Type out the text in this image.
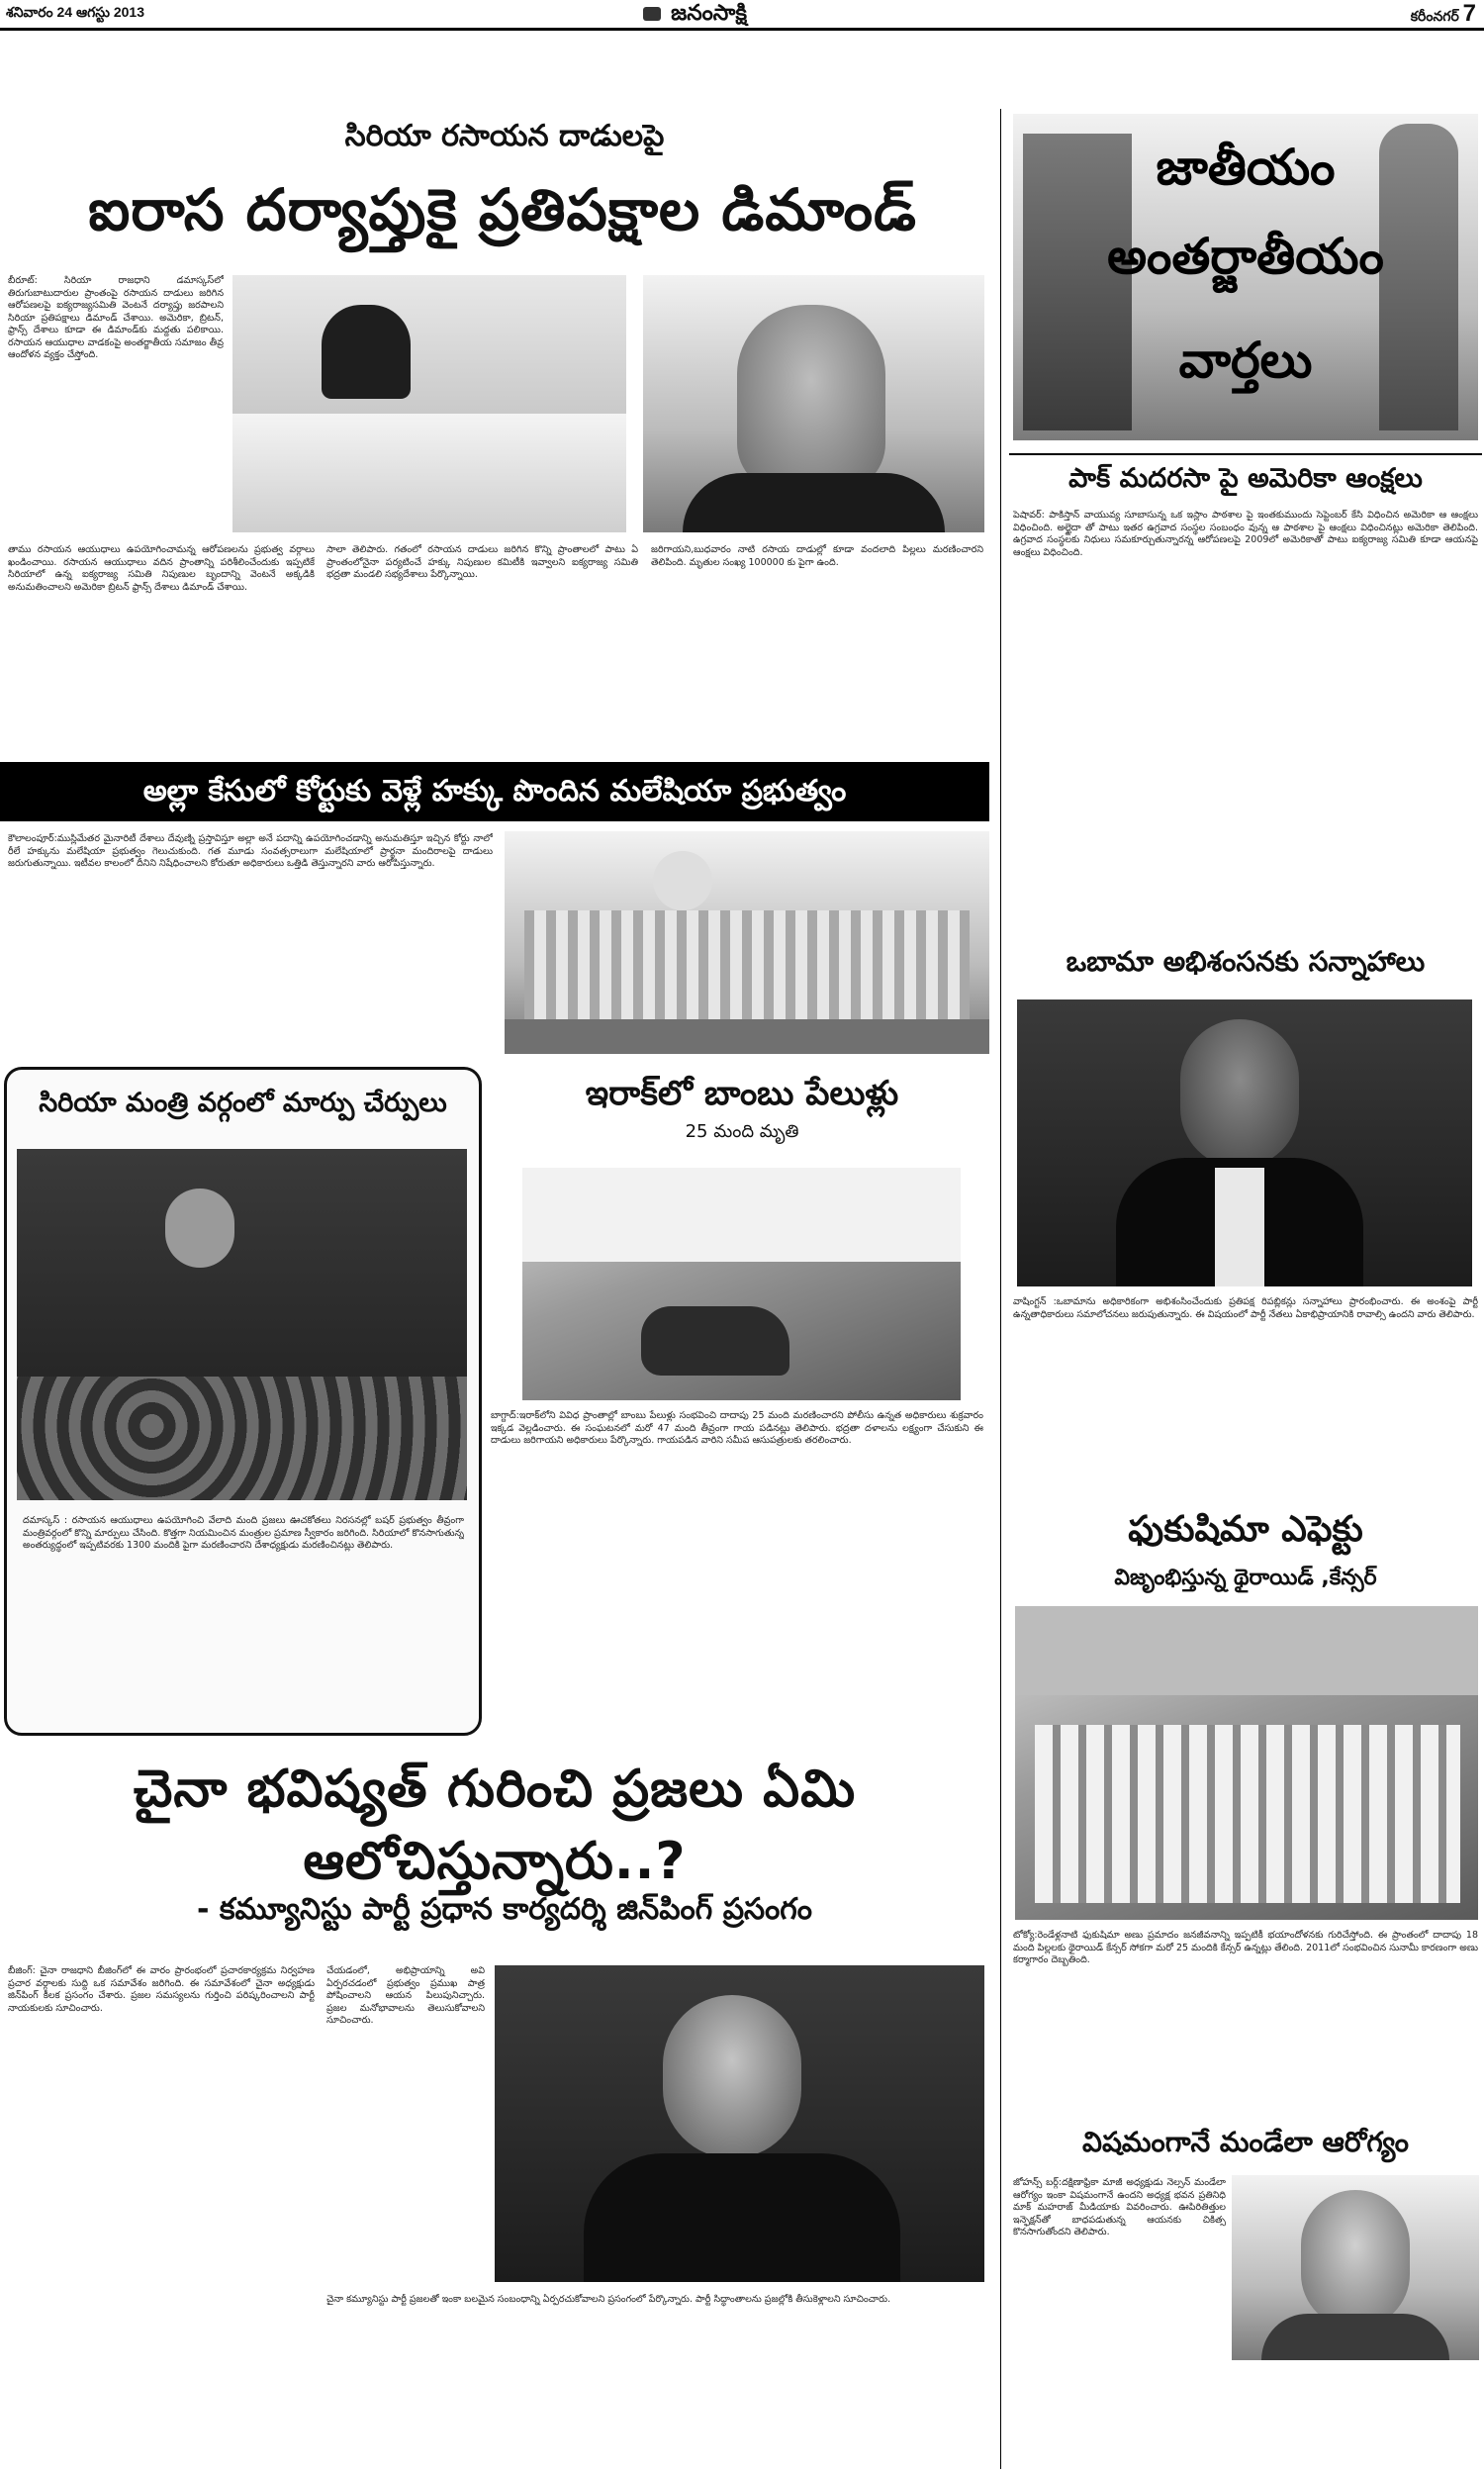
శనివారం 24 ఆగస్టు 2013	జనంసాక్షి	కరీంనగర్ 7
సిరియా రసాయన దాడులపై
ఐరాస దర్యాప్తుకై ప్రతిపక్షాల డిమాండ్
బీరూట్‌: సిరియా రాజధాని డమాస్కస్‌లో తిరుగుబాటుదారుల ప్రాంతంపై రసాయన దాడులు జరిగిన ఆరోపణలపై ఐక్యరాజ్యసమితి వెంటనే దర్యాప్తు జరపాలని సిరియా ప్రతిపక్షాలు డిమాండ్‌ చేశాయి. అమెరికా, బ్రిటన్‌, ఫ్రాన్స్‌ దేశాలు కూడా ఈ డిమాండ్‌కు మద్దతు పలికాయి. రసాయన ఆయుధాల వాడకంపై అంతర్జాతీయ సమాజం తీవ్ర ఆందోళన వ్యక్తం చేస్తోంది.
తాము రసాయన ఆయుధాలు ఉపయోగించామన్న ఆరోపణలను ప్రభుత్వ వర్గాలు ఖండించాయి. రసాయన ఆయుధాలు వదిన ప్రాంతాన్ని పరిశీలించేందుకు ఇప్పటికే సిరియాలో ఉన్న ఐక్యరాజ్య సమితి నిపుణుల బృందాన్ని వెంటనే అక్కడికి అనుమతించాలని అమెరికా బ్రిటన్‌ ఫ్రాన్స్‌ దేశాలు డిమాండ్‌ చేశాయి.
సాలా తెలిపారు. గతంలో రసాయన దాడులు జరిగిన కొన్ని ప్రాంతాలలో పాటు ఏ ప్రాంతంలోనైనా పర్యటించే హక్కు నిపుణుల కమిటీకి ఇవ్వాలని ఐక్యరాజ్య సమితి భద్రతా మండలి సభ్యదేశాలు పేర్కొన్నాయి.
జరిగాయని,బుధవారం నాటి రసాయ దాడుల్లో కూడా వందలాది పిల్లలు మరణించారని తెలిపింది. మృతుల సంఖ్య 100000 కు పైగా ఉంది.
అల్లా కేసులో కోర్టుకు వెళ్లే హక్కు పొందిన మలేషియా ప్రభుత్వం
కౌలాలంపూర్‌:ముస్లిమేతర మైనారిటీ దేశాలు దేవుణ్ని ప్రస్తావిస్తూ అల్లా అనే పదాన్ని ఉపయోగించడాన్ని అనుమతిస్తూ ఇచ్చిన కోర్టు నాలో రీలే హక్కును మలేషియా ప్రభుత్వం గెలుచుకుంది. గత మూడు సంవత్సరాలుగా మలేషియాలో ప్రార్థనా మందిరాలపై దాడులు జరుగుతున్నాయి. ఇటీవల కాలంలో దీనిని నిషేధించాలని కోరుతూ అధికారులు ఒత్తిడి తెస్తున్నారని వారు ఆరోపిస్తున్నారు.
సిరియా మంత్రి వర్గంలో మార్పు చేర్పులు
దమాస్కస్‌ : రసాయన ఆయుధాలు ఉపయోగించి వేలాది మంది ప్రజలు ఊచకోతలు నిరసనల్లో బషర్‌ ప్రభుత్వం తీవ్రంగా మంత్రివర్గంలో కొన్ని మార్పులు చేసింది. కొత్తగా నియమించిన మంత్రుల ప్రమాణ స్వీకారం జరిగింది. సిరియాలో కొనసాగుతున్న అంతర్యుద్ధంలో ఇప్పటివరకు 1300 మందికి పైగా మరణించారని దేశాధ్యక్షుడు మరణించినట్లు తెలిపారు.
ఇరాక్‌లో బాంబు పేలుళ్లు
25 మంది మృతి
బాగ్దాద్‌:ఇరాక్‌లోని వివిధ ప్రాంతాల్లో బాంబు పేలుళ్లు సంభవించి దాదాపు 25 మంది మరణించారని పోలీసు ఉన్నత అధికారులు శుక్రవారం ఇక్కడ వెల్లడించారు. ఈ సంఘటనలో మరో 47 మంది తీవ్రంగా గాయ పడినట్లు తెలిపారు. భద్రతా దళాలను లక్ష్యంగా చేసుకుని ఈ దాడులు జరిగాయని అధికారులు పేర్కొన్నారు. గాయపడిన వారిని సమీప ఆసుపత్రులకు తరలించారు.
చైనా భవిష్యత్‌ గురించి ప్రజలు ఏమి ఆలోచిస్తున్నారు..?
- కమ్యూనిస్టు పార్టీ ప్రధాన కార్యదర్శి జిన్‌పింగ్‌ ప్రసంగం
బీజింగ్‌: చైనా రాజధాని బీజింగ్‌లో ఈ వారం ప్రారంభంలో ప్రచారకార్యక్రమ నిర్వహణ ప్రచార వర్గాలకు సుద్ది ఒక సమావేశం జరిగింది. ఈ సమావేశంలో చైనా అధ్యక్షుడు జిన్‌పింగ్‌ కీలక ప్రసంగం చేశారు. ప్రజల సమస్యలను గుర్తించి పరిష్కరించాలని పార్టీ నాయకులకు సూచించారు.
చేయడంలో, అభిప్రాయాన్ని అవి ఏర్పరచడంలో ప్రభుత్వం ప్రముఖ పాత్ర పోషించాలని ఆయన పిలుపునిచ్చారు. ప్రజల మనోభావాలను తెలుసుకోవాలని సూచించారు.
చైనా కమ్యూనిస్టు పార్టీ ప్రజలతో ఇంకా బలమైన సంబంధాన్ని ఏర్పరచుకోవాలని ప్రసంగంలో పేర్కొన్నారు. పార్టీ సిద్ధాంతాలను ప్రజల్లోకి తీసుకెళ్లాలని సూచించారు.
జాతీయం
అంతర్జాతీయం
వార్తలు
పాక్‌ మదరసా పై అమెరికా ఆంక్షలు
పెషావర్‌: పాకిస్తాన్‌ వాయువ్య సూబాసున్న ఒక ఇస్లాం పాఠశాల పై ఇంతకుముందు సెప్టెంబర్‌ కేసి విధించిన అమెరికా ఆ ఆంక్షలు విధించింది. అల్ఖైదా తో పాటు ఇతర ఉగ్రవాద సంస్థల సంబంధం వున్న ఆ పాఠశాల పై ఆంక్షలు విధించినట్లు అమెరికా తెలిపింది. ఉగ్రవాద సంస్థలకు నిధులు సమకూర్చుతున్నారన్న ఆరోపణలపై 2009లో అమెరికాతో పాటు ఐక్యరాజ్య సమితి కూడా ఆయనపై ఆంక్షలు విధించింది.
ఒబామా అభిశంసనకు సన్నాహాలు
వాషింగ్టన్‌ :ఒబామాను అధికారికంగా అభిశంసించేందుకు ప్రతిపక్ష రిపబ్లికన్లు సన్నాహాలు ప్రారంభించారు. ఈ అంశంపై పార్టీ ఉన్నతాధికారులు సమాలోచనలు జరుపుతున్నారు. ఈ విషయంలో పార్టీ నేతలు ఏకాభిప్రాయానికి రావాల్సి ఉందని వారు తెలిపారు.
ఫుకుషిమా ఎఫెక్టు
విజృంభిస్తున్న థైరాయిడ్‌ ,కేన్సర్‌
టోక్యో:రెండేళ్లనాటి ఫుకుషిమా అణు ప్రమాదం జనజీవనాన్ని ఇప్పటికీ భయాందోళనకు గురిచేస్తోంది. ఈ ప్రాంతంలో దాదాపు 18 మంది పిల్లలకు థైరాయిడ్‌ కేన్సర్‌ సోకగా మరో 25 మందికి కేన్సర్‌ ఉన్నట్లు తేలింది. 2011లో సంభవించిన సునామీ కారణంగా అణు కర్మాగారం దెబ్బతింది.
విషమంగానే మండేలా ఆరోగ్యం
జోహన్స్‌ బర్గ్‌:దక్షిణాఫ్రికా మాజీ అధ్యక్షుడు నెల్సన్‌ మండేలా ఆరోగ్యం ఇంకా విషమంగానే ఉందని అధ్యక్ష భవన ప్రతినిధి మాక్‌ మహరాజ్‌ మీడియాకు వివరించారు. ఊపిరితిత్తుల ఇన్ఫెక్షన్‌తో బాధపడుతున్న ఆయనకు చికిత్స కొనసాగుతోందని తెలిపారు.
